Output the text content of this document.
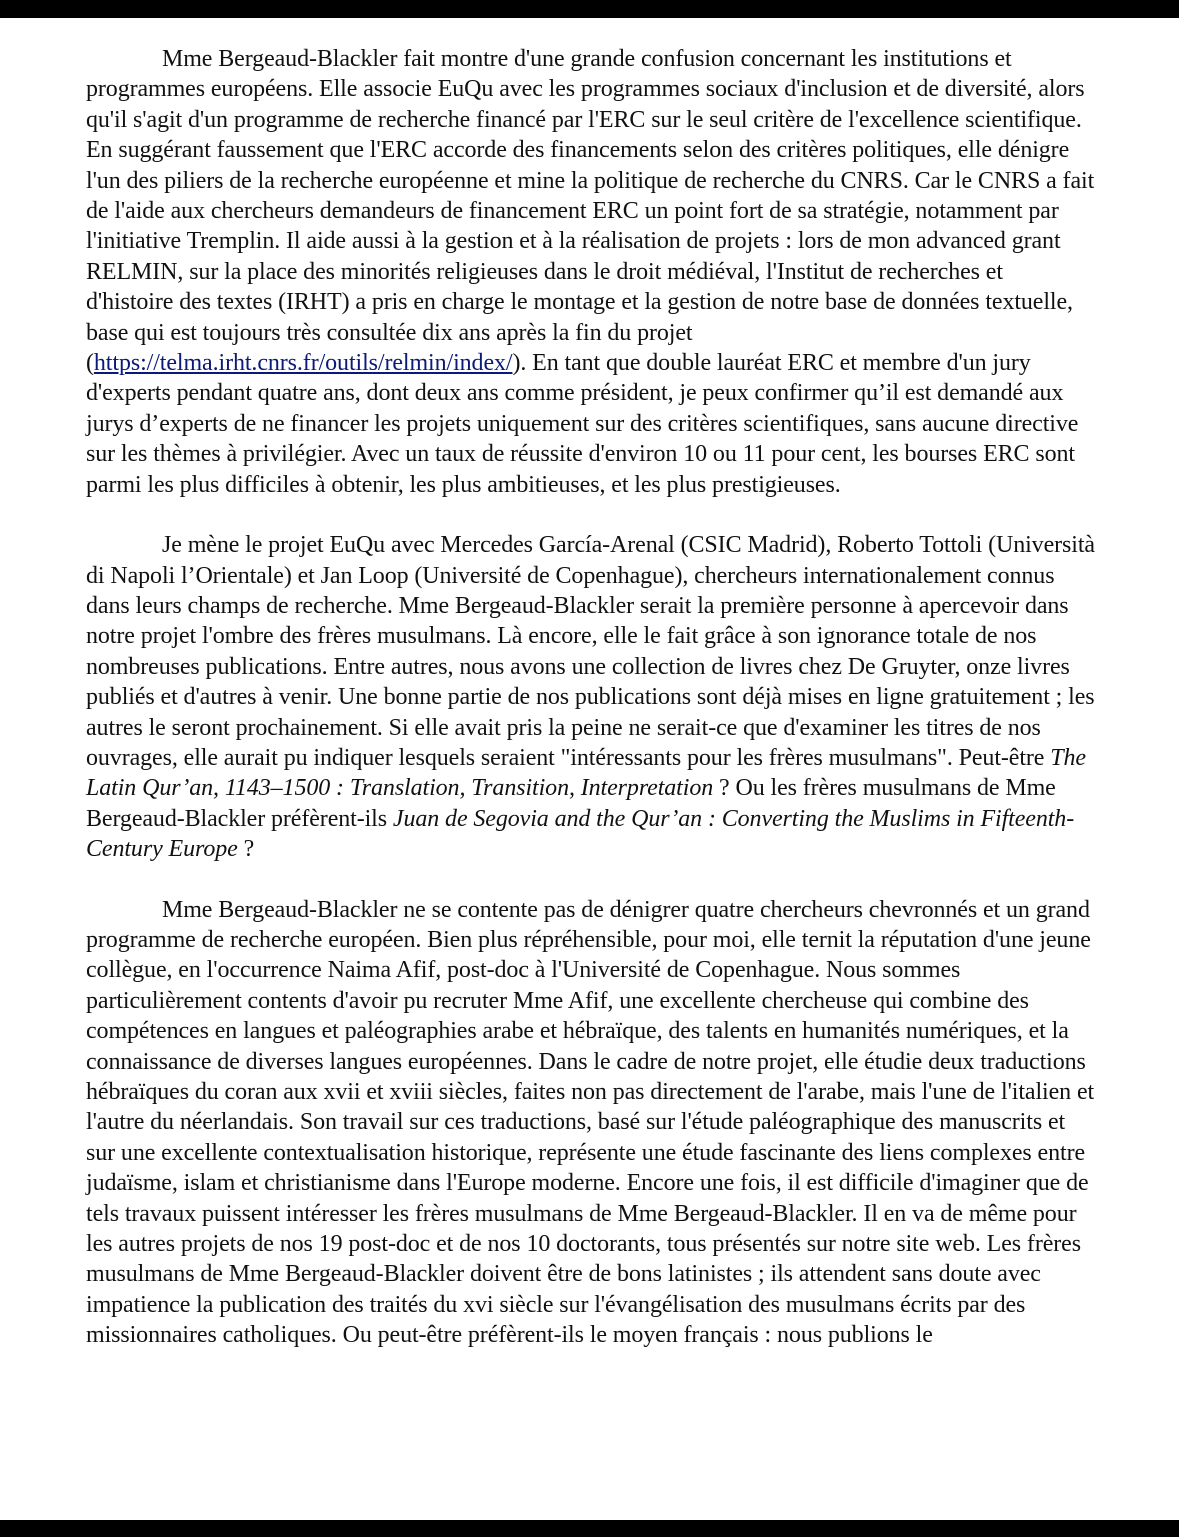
Mme Bergeaud-Blackler fait montre d'une grande confusion concernant les institutions et programmes européens. Elle associe EuQu avec les programmes sociaux d'inclusion et de diversité, alors qu'il s'agit d'un programme de recherche financé par l'ERC sur le seul critère de l'excellence scientifique. En suggérant faussement que l'ERC accorde des financements selon des critères politiques, elle dénigre l'un des piliers de la recherche européenne et mine la politique de recherche du CNRS. Car le CNRS a fait de l'aide aux chercheurs demandeurs de financement ERC un point fort de sa stratégie, notamment par l'initiative Tremplin. Il aide aussi à la gestion et à la réalisation de projets : lors de mon advanced grant RELMIN, sur la place des minorités religieuses dans le droit médiéval, l'Institut de recherches et d'histoire des textes (IRHT) a pris en charge le montage et la gestion de notre base de données textuelle, base qui est toujours très consultée dix ans après la fin du projet (https://telma.irht.cnrs.fr/outils/relmin/index/). En tant que double lauréat ERC et membre d'un jury d'experts pendant quatre ans, dont deux ans comme président, je peux confirmer qu’il est demandé aux jurys d’experts de ne financer les projets uniquement sur des critères scientifiques, sans aucune directive sur les thèmes à privilégier. Avec un taux de réussite d'environ 10 ou 11 pour cent, les bourses ERC sont parmi les plus difficiles à obtenir, les plus ambitieuses, et les plus prestigieuses.

Je mène le projet EuQu avec Mercedes García-Arenal (CSIC Madrid), Roberto Tottoli (Università di Napoli l’Orientale) et Jan Loop (Université de Copenhague), chercheurs internationalement connus dans leurs champs de recherche. Mme Bergeaud-Blackler serait la première personne à apercevoir dans notre projet l'ombre des frères musulmans. Là encore, elle le fait grâce à son ignorance totale de nos nombreuses publications. Entre autres, nous avons une collection de livres chez De Gruyter, onze livres publiés et d'autres à venir. Une bonne partie de nos publications sont déjà mises en ligne gratuitement ; les autres le seront prochainement. Si elle avait pris la peine ne serait-ce que d'examiner les titres de nos ouvrages, elle aurait pu indiquer lesquels seraient "intéressants pour les frères musulmans". Peut-être The Latin Qur’an, 1143–1500 : Translation, Transition, Interpretation ? Ou les frères musulmans de Mme Bergeaud-Blackler préfèrent-ils Juan de Segovia and the Qur’an : Converting the Muslims in Fifteenth-Century Europe ?

Mme Bergeaud-Blackler ne se contente pas de dénigrer quatre chercheurs chevronnés et un grand programme de recherche européen. Bien plus répréhensible, pour moi, elle ternit la réputation d'une jeune collègue, en l'occurrence Naima Afif, post-doc à l'Université de Copenhague. Nous sommes particulièrement contents d'avoir pu recruter Mme Afif, une excellente chercheuse qui combine des compétences en langues et paléographies arabe et hébraïque, des talents en humanités numériques, et la connaissance de diverses langues européennes. Dans le cadre de notre projet, elle étudie deux traductions hébraïques du coran aux xvii et xviii siècles, faites non pas directement de l'arabe, mais l'une de l'italien et l'autre du néerlandais. Son travail sur ces traductions, basé sur l'étude paléographique des manuscrits et sur une excellente contextualisation historique, représente une étude fascinante des liens complexes entre judaïsme, islam et christianisme dans l'Europe moderne. Encore une fois, il est difficile d'imaginer que de tels travaux puissent intéresser les frères musulmans de Mme Bergeaud-Blackler. Il en va de même pour les autres projets de nos 19 post-doc et de nos 10 doctorants, tous présentés sur notre site web. Les frères musulmans de Mme Bergeaud-Blackler doivent être de bons latinistes ; ils attendent sans doute avec impatience la publication des traités du xvi siècle sur l'évangélisation des musulmans écrits par des missionnaires catholiques. Ou peut-être préfèrent-ils le moyen français : nous publions le
